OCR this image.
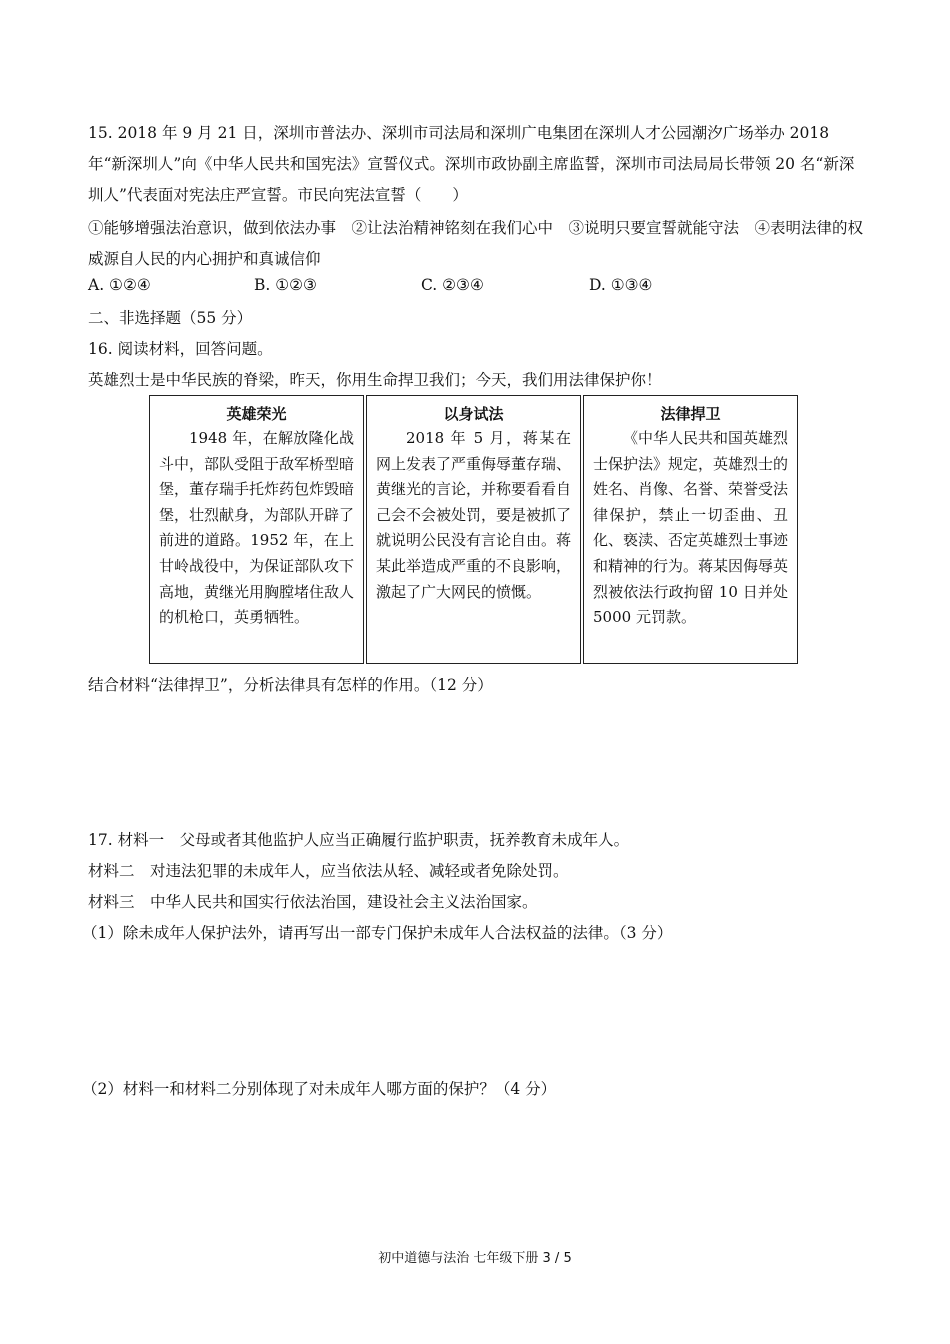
15. 2018 年 9 月 21 日，深圳市普法办、深圳市司法局和深圳广电集团在深圳人才公园潮汐广场举办 2018 年“新深圳人”向《中华人民共和国宪法》宣誓仪式。深圳市政协副主席监誓，深圳市司法局局长带领 20 名“新深圳人”代表面对宪法庄严宣誓。市民向宪法宣誓（　　）
①能够增强法治意识，做到依法办事　②让法治精神铭刻在我们心中　③说明只要宣誓就能守法　④表明法律的权威源自人民的内心拥护和真诚信仰
A. ①②④	B. ①②③	C. ②③④	D. ①③④
二、非选择题（55 分）
16. 阅读材料，回答问题。
英雄烈士是中华民族的脊梁，昨天，你用生命捍卫我们；今天，我们用法律保护你！
英雄荣光
1948 年，在解放隆化战斗中，部队受阻于敌军桥型暗堡，董存瑞手托炸药包炸毁暗堡，壮烈献身，为部队开辟了前进的道路。1952 年，在上甘岭战役中，为保证部队攻下高地，黄继光用胸膛堵住敌人的机枪口，英勇牺牲。
以身试法
2018 年 5 月，蒋某在网上发表了严重侮辱董存瑞、黄继光的言论，并称要看看自己会不会被处罚，要是被抓了就说明公民没有言论自由。蒋某此举造成严重的不良影响，激起了广大网民的愤慨。
法律捍卫
《中华人民共和国英雄烈士保护法》规定，英雄烈士的姓名、肖像、名誉、荣誉受法律保护，禁止一切歪曲、丑化、亵渎、否定英雄烈士事迹和精神的行为。蒋某因侮辱英烈被依法行政拘留 10 日并处 5000 元罚款。
结合材料“法律捍卫”，分析法律具有怎样的作用。（12 分）
17. 材料一　父母或者其他监护人应当正确履行监护职责，抚养教育未成年人。
材料二　对违法犯罪的未成年人，应当依法从轻、减轻或者免除处罚。
材料三　中华人民共和国实行依法治国，建设社会主义法治国家。
（1）除未成年人保护法外，请再写出一部专门保护未成年人合法权益的法律。（3 分）
（2）材料一和材料二分别体现了对未成年人哪方面的保护？（4 分）
初中道德与法治 七年级下册 3 / 5
